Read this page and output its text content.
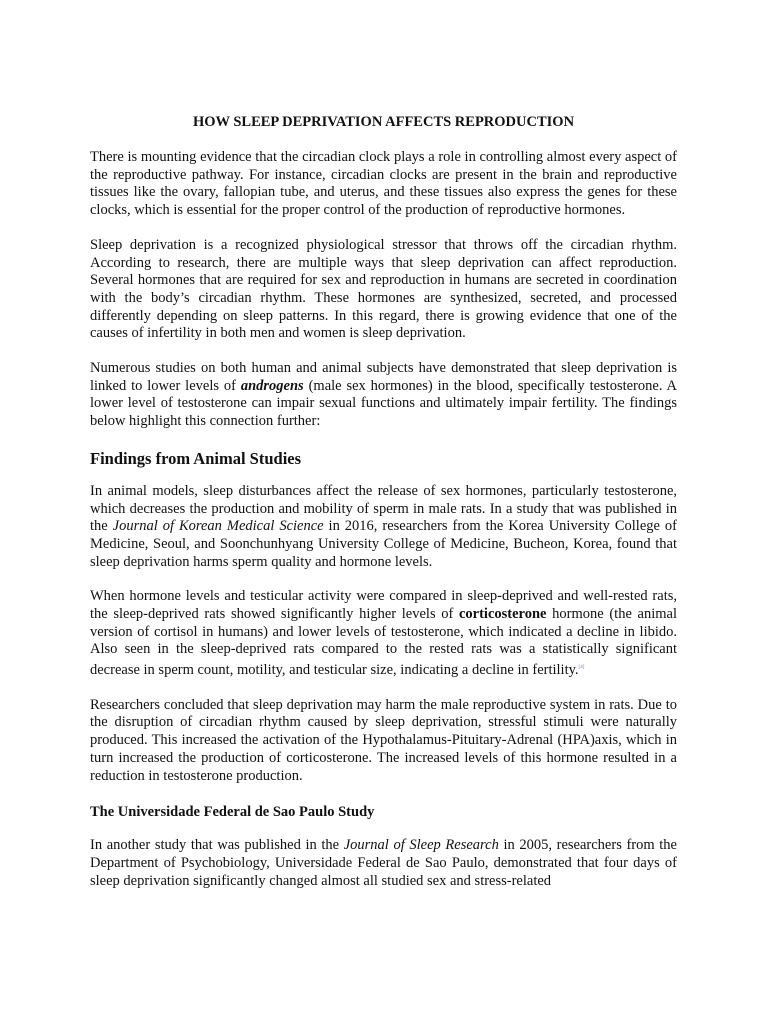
HOW SLEEP DEPRIVATION AFFECTS REPRODUCTION

There is mounting evidence that the circadian clock plays a role in controlling almost every aspect of the reproductive pathway. For instance, circadian clocks are present in the brain and reproductive tissues like the ovary, fallopian tube, and uterus, and these tissues also express the genes for these clocks, which is essential for the proper control of the production of reproductive hormones.

Sleep deprivation is a recognized physiological stressor that throws off the circadian rhythm. According to research, there are multiple ways that sleep deprivation can affect reproduction. Several hormones that are required for sex and reproduction in humans are secreted in coordination with the body’s circadian rhythm. These hormones are synthesized, secreted, and processed differently depending on sleep patterns. In this regard, there is growing evidence that one of the causes of infertility in both men and women is sleep deprivation.

Numerous studies on both human and animal subjects have demonstrated that sleep deprivation is linked to lower levels of androgens (male sex hormones) in the blood, specifically testosterone. A lower level of testosterone can impair sexual functions and ultimately impair fertility. The findings below highlight this connection further:

Findings from Animal Studies

In animal models, sleep disturbances affect the release of sex hormones, particularly testosterone, which decreases the production and mobility of sperm in male rats. In a study that was published in the Journal of Korean Medical Science in 2016, researchers from the Korea University College of Medicine, Seoul, and Soonchunhyang University College of Medicine, Bucheon, Korea, found that sleep deprivation harms sperm quality and hormone levels.

When hormone levels and testicular activity were compared in sleep-deprived and well-rested rats, the sleep-deprived rats showed significantly higher levels of corticosterone hormone (the animal version of cortisol in humans) and lower levels of testosterone, which indicated a decline in libido. Also seen in the sleep-deprived rats compared to the rested rats was a statistically significant decrease in sperm count, motility, and testicular size, indicating a decline in fertility.[4]

Researchers concluded that sleep deprivation may harm the male reproductive system in rats. Due to the disruption of circadian rhythm caused by sleep deprivation, stressful stimuli were naturally produced. This increased the activation of the Hypothalamus-Pituitary-Adrenal (HPA)axis, which in turn increased the production of corticosterone. The increased levels of this hormone resulted in a reduction in testosterone production.

The Universidade Federal de Sao Paulo Study

In another study that was published in the Journal of Sleep Research in 2005, researchers from the Department of Psychobiology, Universidade Federal de Sao Paulo, demonstrated that four days of sleep deprivation significantly changed almost all studied sex and stress-related
